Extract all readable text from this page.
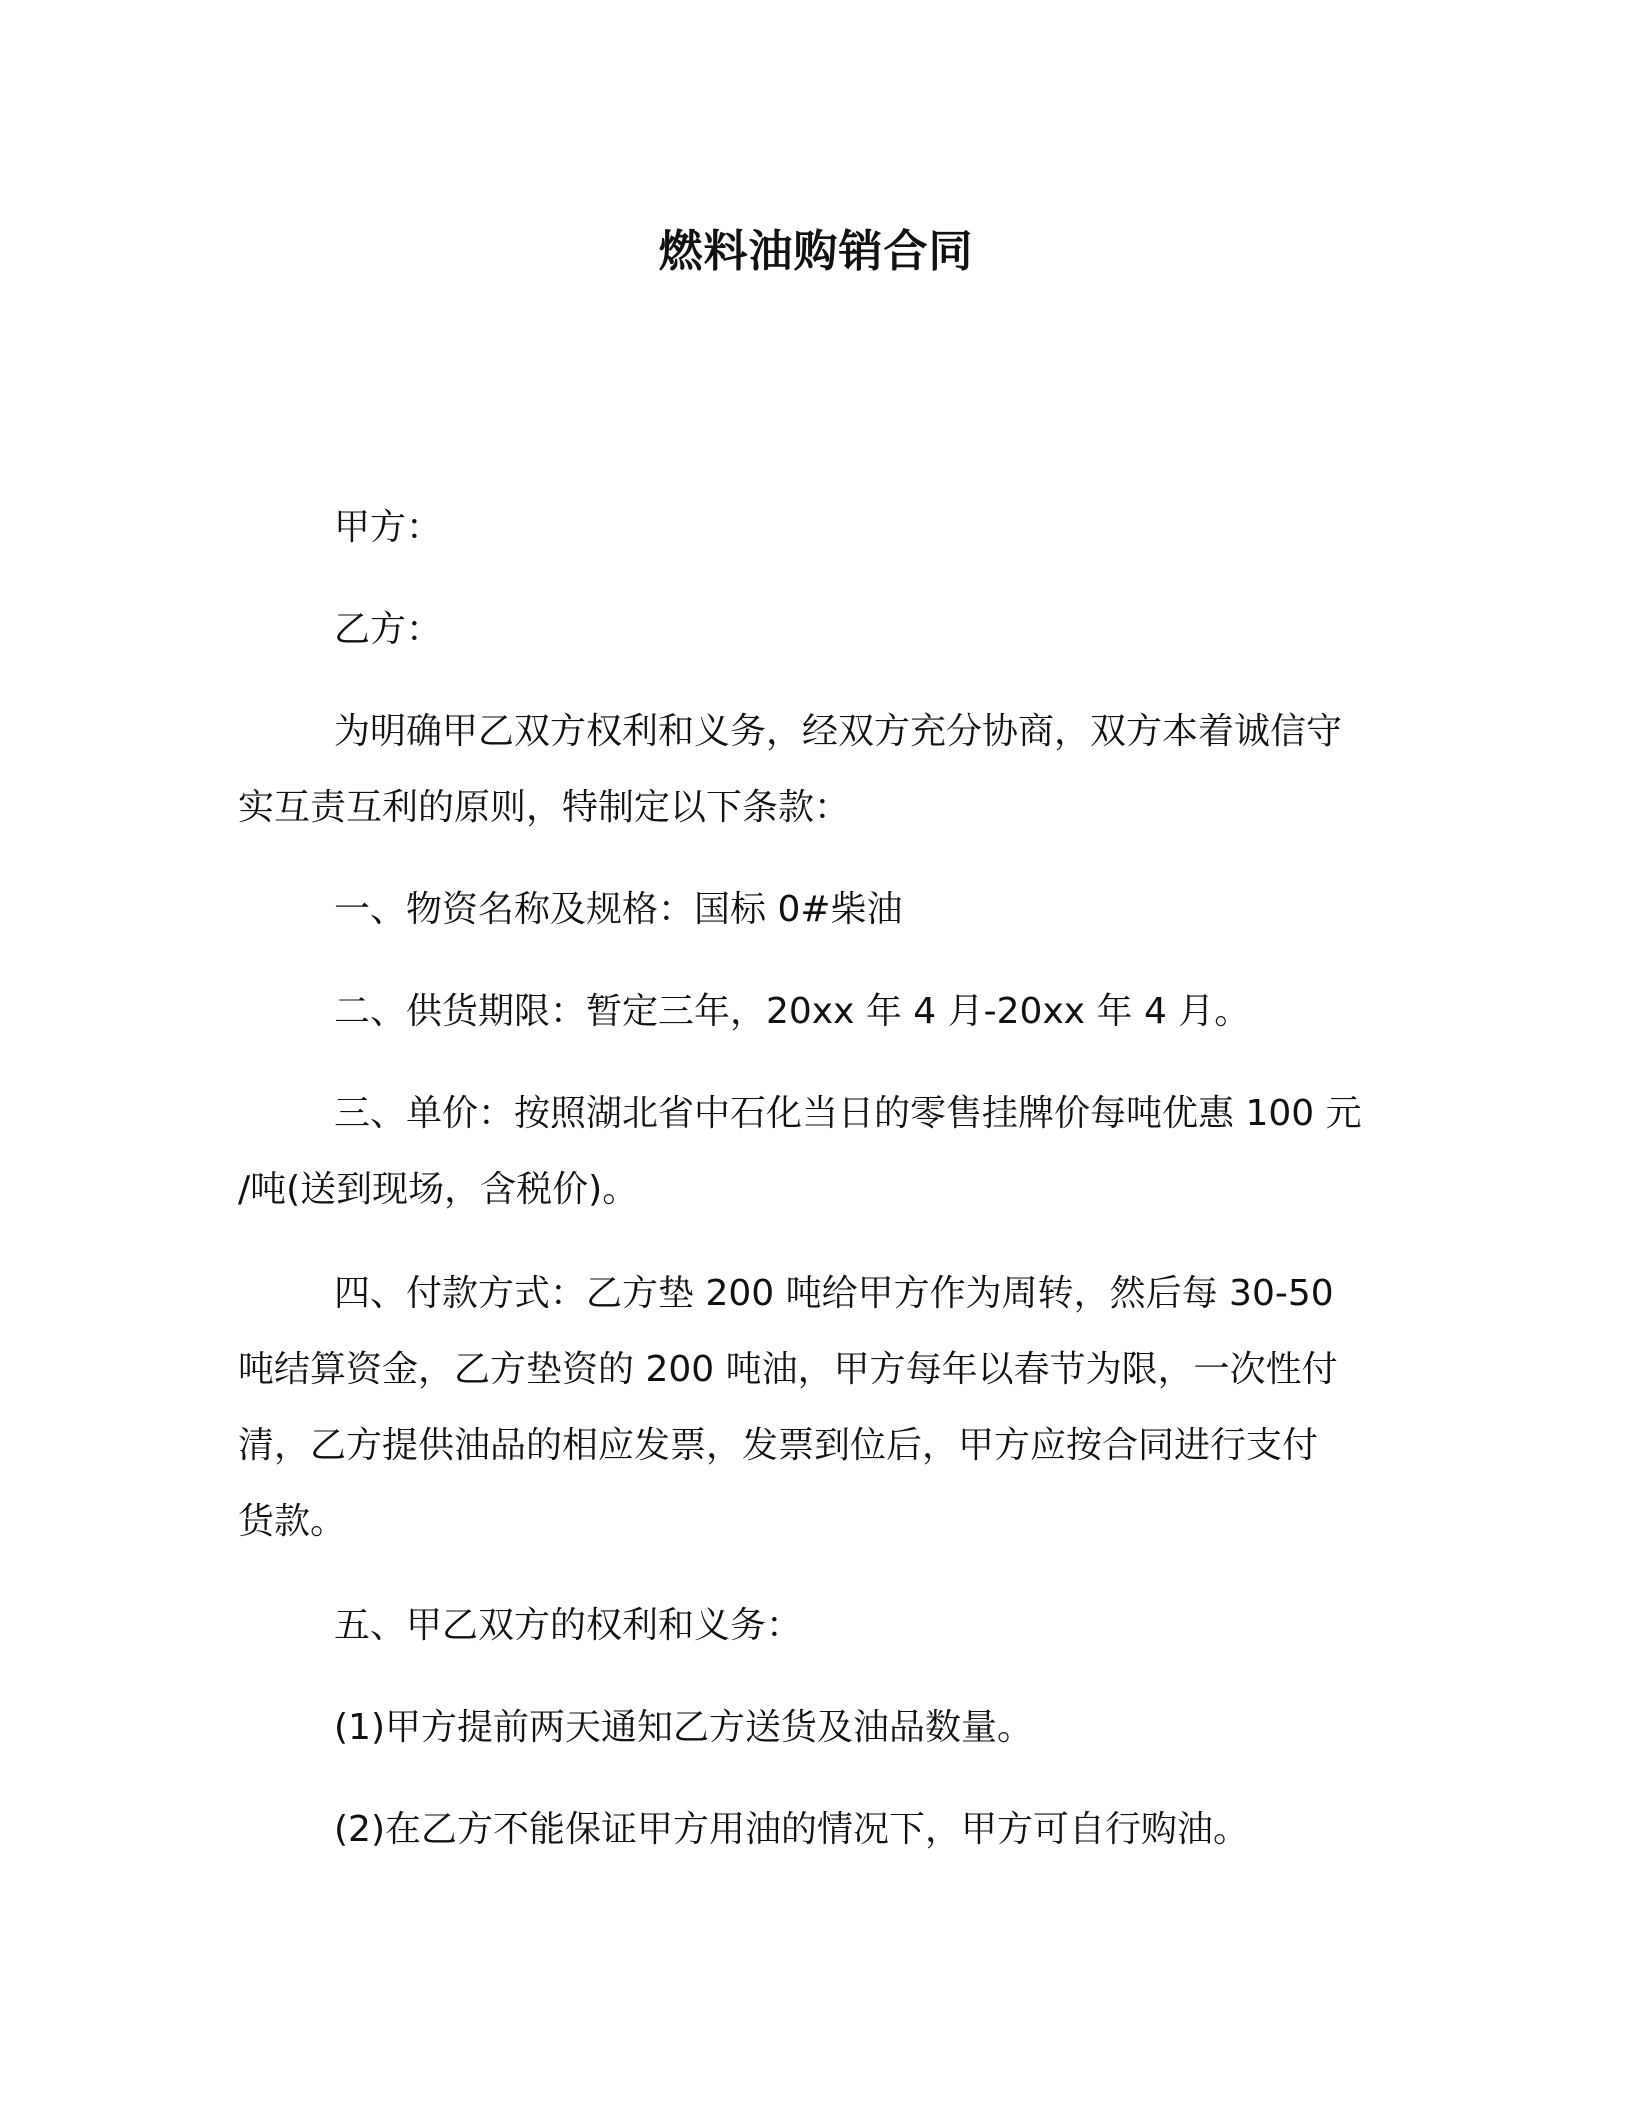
燃料油购销合同
甲方：
乙方：
为明确甲乙双方权利和义务，经双方充分协商，双方本着诚信守
实互责互利的原则，特制定以下条款：
一、物资名称及规格：国标 0#柴油
二、供货期限：暂定三年，20xx 年 4 月-20xx 年 4 月。
三、单价：按照湖北省中石化当日的零售挂牌价每吨优惠 100 元
/吨(送到现场，含税价)。
四、付款方式：乙方垫 200 吨给甲方作为周转，然后每 30-50
吨结算资金，乙方垫资的 200 吨油，甲方每年以春节为限，一次性付
清，乙方提供油品的相应发票，发票到位后，甲方应按合同进行支付
货款。
五、甲乙双方的权利和义务：
(1)甲方提前两天通知乙方送货及油品数量。
(2)在乙方不能保证甲方用油的情况下，甲方可自行购油。
